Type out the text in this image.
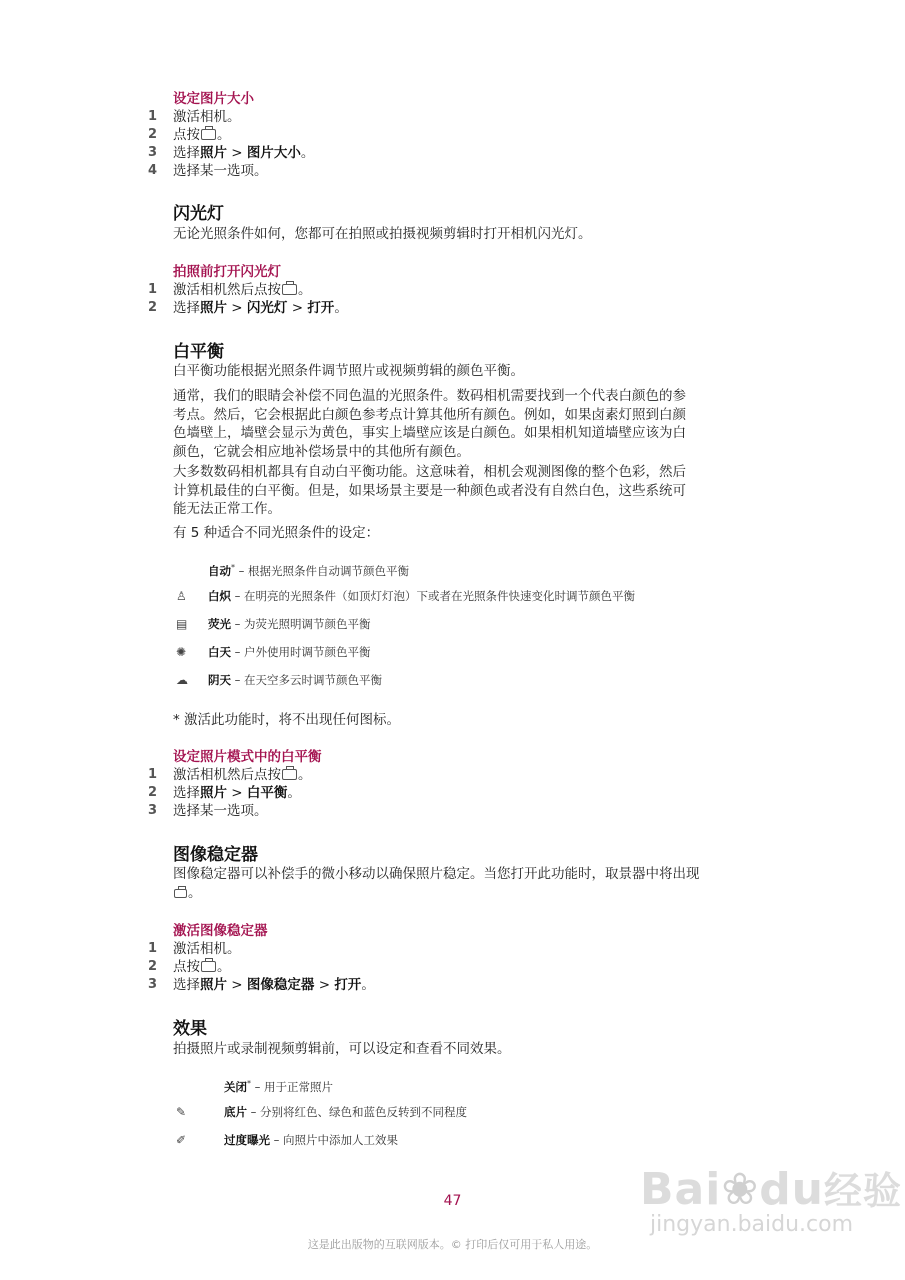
设定图片大小
1	激活相机。
2	点按 。
3	选择照片 > 图片大小。
4	选择某一选项。
闪光灯
无论光照条件如何，您都可在拍照或拍摄视频剪辑时打开相机闪光灯。
拍照前打开闪光灯
1	激活相机然后点按 。
2	选择照片 > 闪光灯 > 打开。
白平衡
白平衡功能根据光照条件调节照片或视频剪辑的颜色平衡。
通常，我们的眼睛会补偿不同色温的光照条件。数码相机需要找到一个代表白颜色的参
考点。然后，它会根据此白颜色参考点计算其他所有颜色。例如，如果卤素灯照到白颜
色墙壁上，墙壁会显示为黄色，事实上墙壁应该是白颜色。如果相机知道墙壁应该为白
颜色，它就会相应地补偿场景中的其他所有颜色。
大多数数码相机都具有自动白平衡功能。这意味着，相机会观测图像的整个色彩，然后
计算机最佳的白平衡。但是，如果场景主要是一种颜色或者没有自然白色，这些系统可
能无法正常工作。
有 5 种适合不同光照条件的设定：
自动* – 根据光照条件自动调节颜色平衡
♙ 白炽 – 在明亮的光照条件（如顶灯灯泡）下或者在光照条件快速变化时调节颜色平衡
▤ 荧光 – 为荧光照明调节颜色平衡
✺ 白天 – 户外使用时调节颜色平衡
☁ 阴天 – 在天空多云时调节颜色平衡
* 激活此功能时，将不出现任何图标。
设定照片模式中的白平衡
1	激活相机然后点按 。
2	选择照片 > 白平衡。
3	选择某一选项。
图像稳定器
图像稳定器可以补偿手的微小移动以确保照片稳定。当您打开此功能时，取景器中将出现
。
激活图像稳定器
1	激活相机。
2	点按 。
3	选择照片 > 图像稳定器 > 打开。
效果
拍摄照片或录制视频剪辑前，可以设定和查看不同效果。
关闭* – 用于正常照片
✎	底片 – 分别将红色、绿色和蓝色反转到不同程度
✐	过度曝光 – 向照片中添加人工效果
Bai❀du经验
jingyan.baidu.com
47
这是此出版物的互联网版本。© 打印后仅可用于私人用途。
